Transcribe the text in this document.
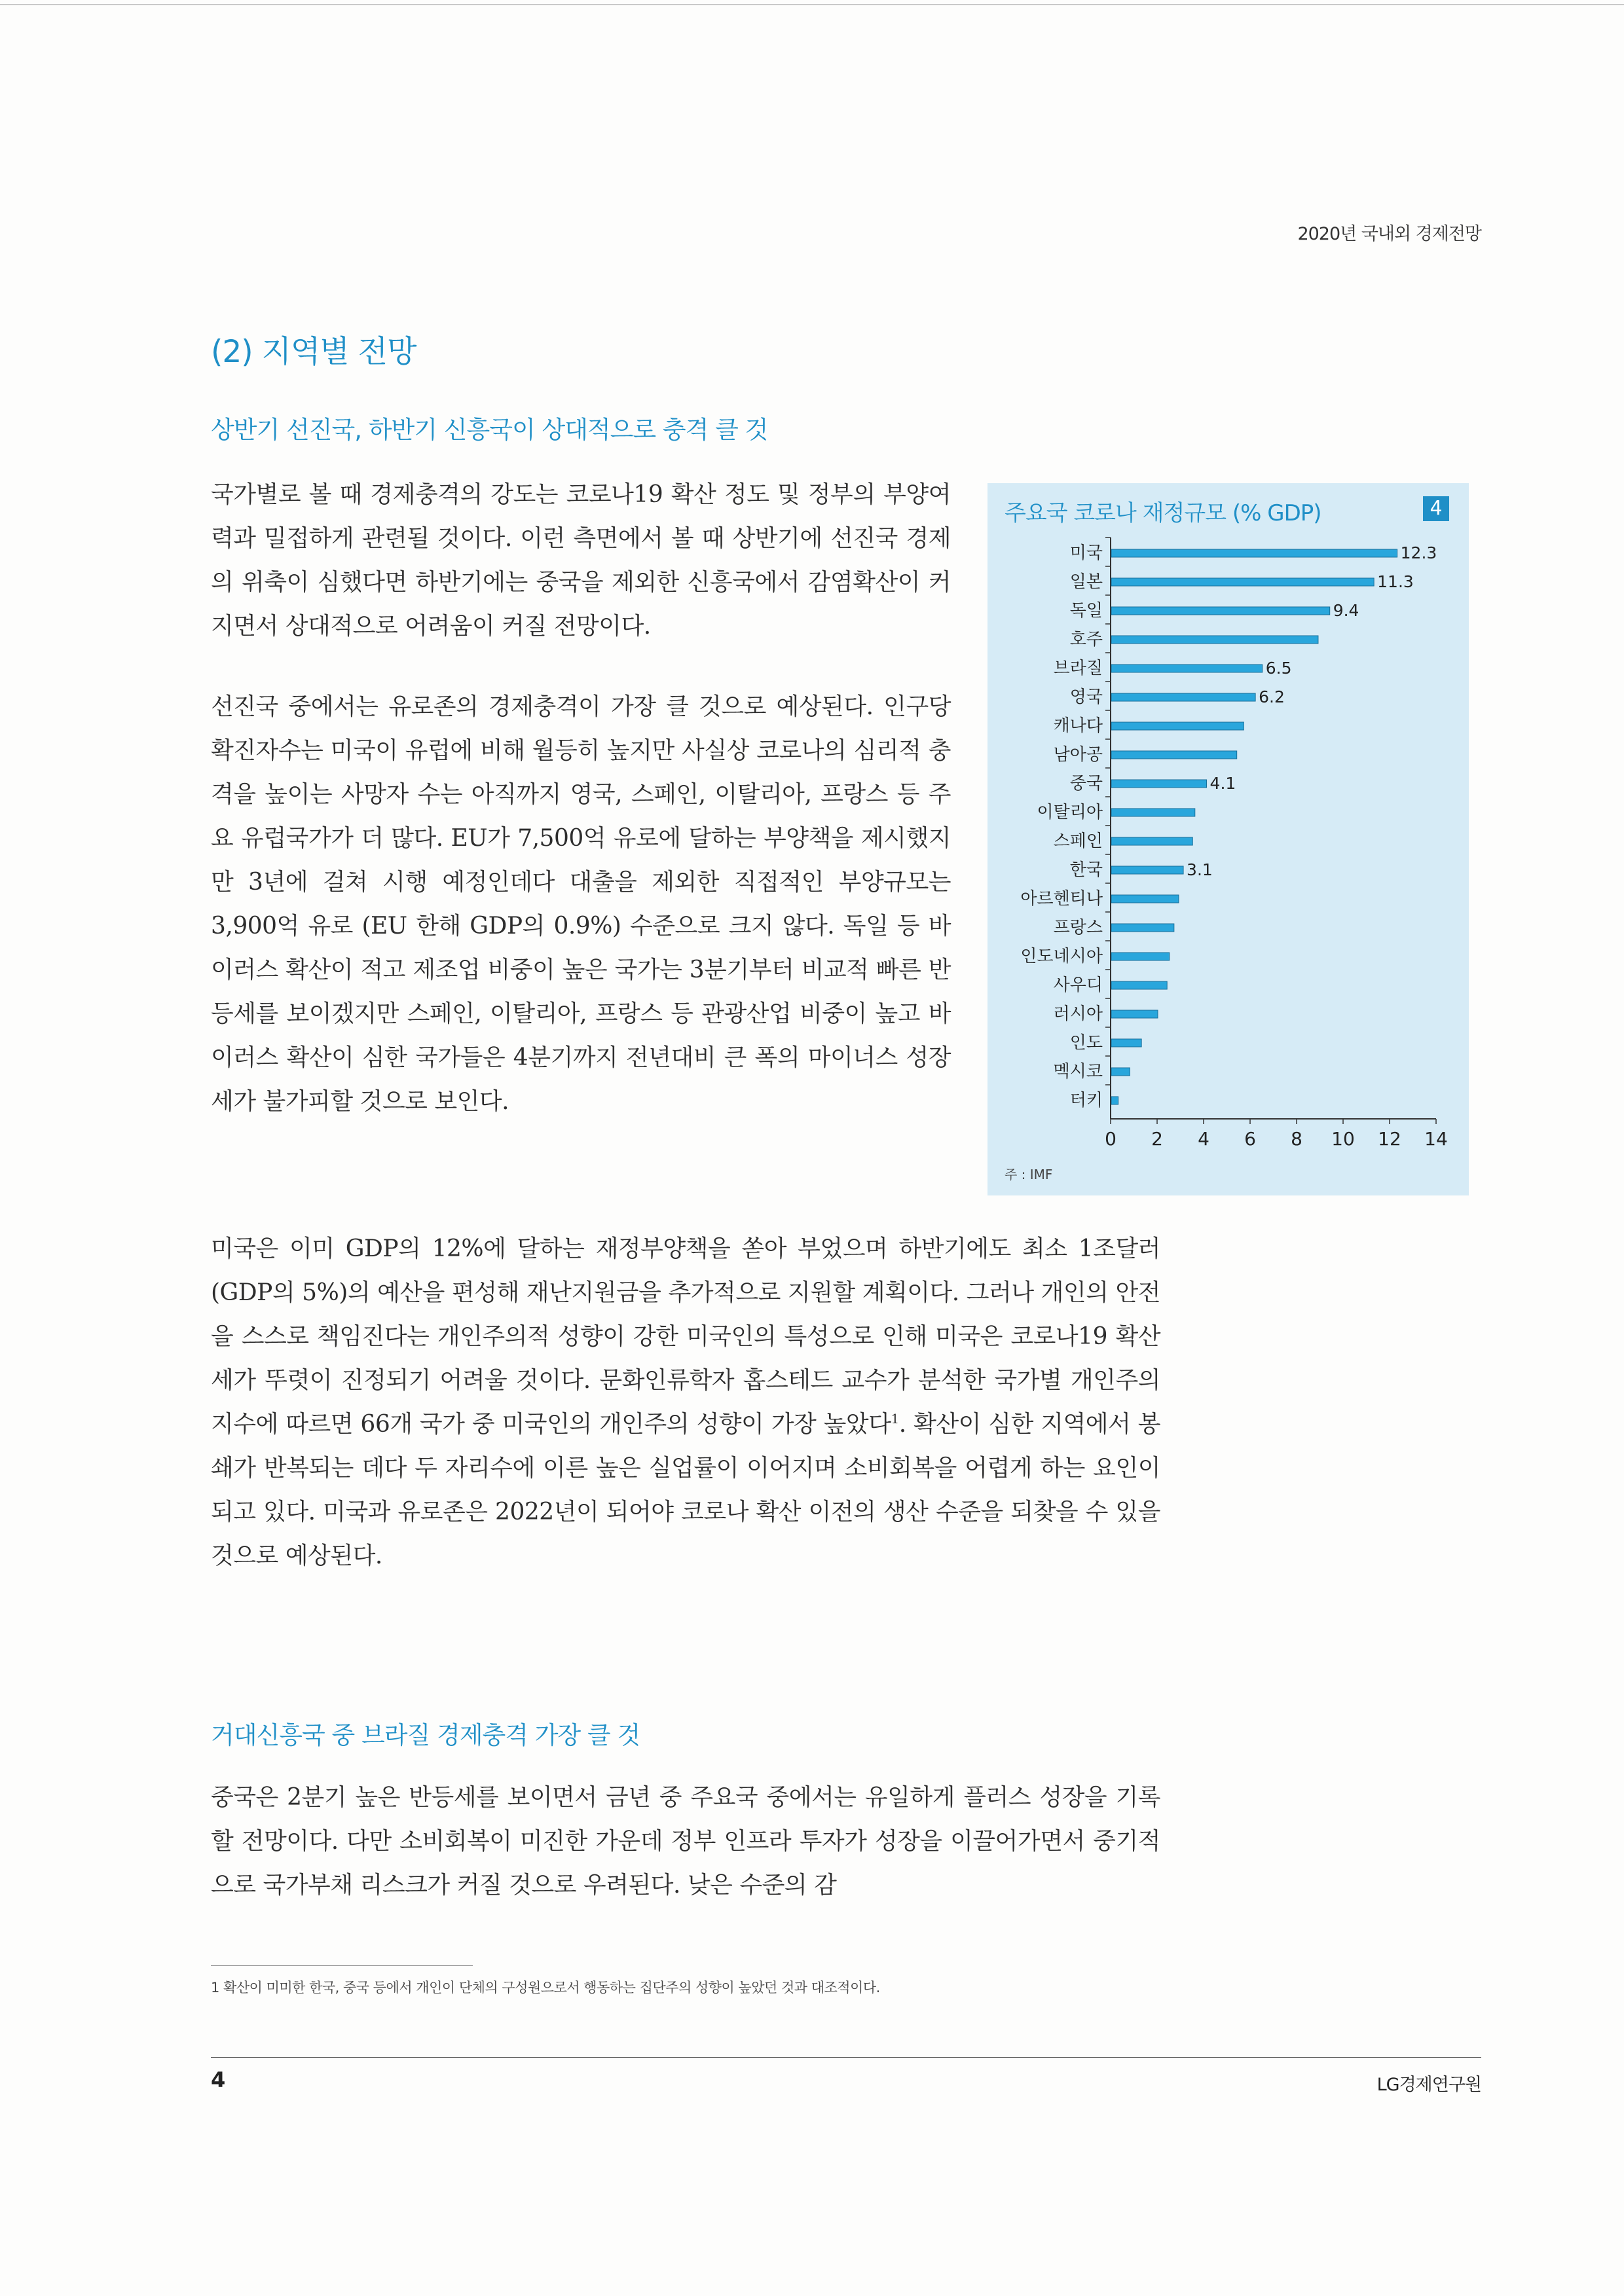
2020년 국내외 경제전망
(2) 지역별 전망
상반기 선진국, 하반기 신흥국이 상대적으로 충격 클 것
국가별로 볼 때 경제충격의 강도는 코로나19 확산 정도 및 정부의 부양여력과 밀접하게 관련될 것이다. 이런 측면에서 볼 때 상반기에 선진국 경제의 위축이 심했다면 하반기에는 중국을 제외한 신흥국에서 감염확산이 커지면서 상대적으로 어려움이 커질 전망이다.
선진국 중에서는 유로존의 경제충격이 가장 클 것으로 예상된다. 인구당 확진자수는 미국이 유럽에 비해 월등히 높지만 사실상 코로나의 심리적 충격을 높이는 사망자 수는 아직까지 영국, 스페인, 이탈리아, 프랑스 등 주요 유럽국가가 더 많다. EU가 7,500억 유로에 달하는 부양책을 제시했지만 3년에 걸쳐 시행 예정인데다 대출을 제외한 직접적인 부양규모는 3,900억 유로 (EU 한해 GDP의 0.9%) 수준으로 크지 않다. 독일 등 바이러스 확산이 적고 제조업 비중이 높은 국가는 3분기부터 비교적 빠른 반등세를 보이겠지만 스페인, 이탈리아, 프랑스 등 관광산업 비중이 높고 바이러스 확산이 심한 국가들은 4분기까지 전년대비 큰 폭의 마이너스 성장세가 불가피할 것으로 보인다.
미국	12.3
일본	11.3
독일	9.4
호주
브라질	6.5
영국	6.2
캐나다
남아공
중국	4.1
이탈리아
스페인
한국	3.1
아르헨티나
프랑스
인도네시아
사우디
러시아
인도
멕시코
터키
0 2 4 6 8 10 12 14
주요국 코로나 재정규모 (% GDP)	4
주 : IMF
미국은 이미 GDP의 12%에 달하는 재정부양책을 쏟아 부었으며 하반기에도 최소 1조달러(GDP의 5%)의 예산을 편성해 재난지원금을 추가적으로 지원할 계획이다. 그러나 개인의 안전을 스스로 책임진다는 개인주의적 성향이 강한 미국인의 특성으로 인해 미국은 코로나19 확산세가 뚜렷이 진정되기 어려울 것이다. 문화인류학자 홉스테드 교수가 분석한 국가별 개인주의 지수에 따르면 66개 국가 중 미국인의 개인주의 성향이 가장 높았다$^1$. 확산이 심한 지역에서 봉쇄가 반복되는 데다 두 자리수에 이른 높은 실업률이 이어지며 소비회복을 어렵게 하는 요인이 되고 있다. 미국과 유로존은 2022년이 되어야 코로나 확산 이전의 생산 수준을 되찾을 수 있을 것으로 예상된다.
거대신흥국 중 브라질 경제충격 가장 클 것
중국은 2분기 높은 반등세를 보이면서 금년 중 주요국 중에서는 유일하게 플러스 성장을 기록할 전망이다. 다만 소비회복이 미진한 가운데 정부 인프라 투자가 성장을 이끌어가면서 중기적으로 국가부채 리스크가 커질 것으로 우려된다. 낮은 수준의 감
1 확산이 미미한 한국, 중국 등에서 개인이 단체의 구성원으로서 행동하는 집단주의 성향이 높았던 것과 대조적이다.
4	LG경제연구원
